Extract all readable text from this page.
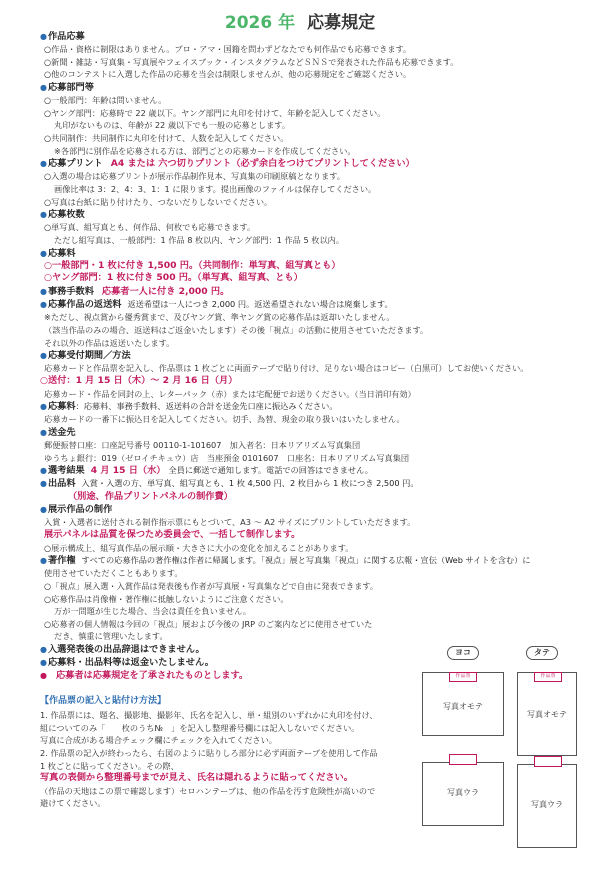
2026 年 応募規定
●作品応募
○作品・資格に制限はありません。プロ・アマ・国籍を問わずどなたでも何作品でも応募できます。
○新聞・雑誌・写真集・写真展やフェイスブック・インスタグラムなどＳＮＳで発表された作品も応募できます。
○他のコンテストに入選した作品の応募を当会は制限しませんが、他の応募規定をご確認ください。
●応募部門等
○一般部門：年齢は問いません。
○ヤング部門：応募時で 22 歳以下。ヤング部門に丸印を付けて、年齢を記入してください。
丸印がないものは、年齢が 22 歳以下でも一般の応募とします。
○共同制作：共同制作に丸印を付けて、人数を記入してください。
※各部門に別作品を応募される方は、部門ごとの応募カードを作成してください。
●応募プリント A4 または 六つ切りプリント（必ず余白をつけてプリントしてください）
○入選の場合は応募プリントが展示作品制作見本、写真集の印刷原稿となります。
画像比率は 3：2、4：3、1：1 に限ります。提出画像のファイルは保存してください。
○写真は台紙に貼り付けたり、つないだりしないでください。
●応募枚数
○単写真、組写真とも、何作品、何枚でも応募できます。
ただし組写真は、一般部門：1 作品 8 枚以内、ヤング部門：1 作品 5 枚以内。
●応募料
○一般部門・1 枚に付き 1,500 円。（共同制作：単写真、組写真とも）
○ヤング部門：1 枚に付き 500 円。（単写真、組写真、とも）
●事務手数料 応募者一人に付き 2,000 円。
●応募作品の返送料 返送希望は一人につき 2,000 円。返送希望されない場合は廃棄します。
※ただし、視点賞から優秀賞まで、及びヤング賞、準ヤング賞の応募作品は返却いたしません。
（該当作品のみの場合、返送料はご返金いたします）その後「視点」の活動に使用させていただきます。
それ以外の作品は返送いたします。
●応募受付期間／方法
応募カードと作品票を記入し、作品票は 1 枚ごとに両面テープで貼り付け、足りない場合はコピー（白黒可）してお使いください。
○送付：1 月 15 日（木）～ 2 月 16 日（月）
応募カード・作品を同封の上、レターパック（赤）または宅配便でお送りください。（当日消印有効）
●応募料：応募料、事務手数料、返送料の合計を送金先口座に振込みください。
応募カードの一番下に振込日を記入してください。切手、為替、現金の取り扱いはいたしません。
●送金先
郵便振替口座：口座記号番号 00110-1-101607　加入者名：日本リアリズム写真集団
ゆうちょ銀行：019（ゼロイチキュウ）店　当座預金 0101607　口座名：日本リアリズム写真集団
●選考結果 4 月 15 日（水） 全員に郵送で通知します。電話での回答はできません。
●出品料 入賞・入選の方、単写真、組写真とも、1 枚 4,500 円、2 枚目から 1 枚につき 2,500 円。
（別途、作品プリントパネルの制作費）
●展示作品の制作
入賞・入選者に送付される制作指示票にもとづいて、A3 ～ A2 サイズにプリントしていただきます。
展示パネルは品質を保つため委員会で、一括して制作します。
○展示構成上、組写真作品の展示順・大きさに大小の変化を加えることがあります。
●著作権 すべての応募作品の著作権は作者に帰属します。「視点」展と写真集「視点」に関する広報・宣伝（Web サイトを含む）に
使用させていただくこともあります。
○「視点」展入選・入賞作品は発表後も作者が写真展・写真集などで自由に発表できます。
○応募作品は肖像権・著作権に抵触しないようにご注意ください。
万が一問題が生じた場合、当会は責任を負いません。
○応募者の個人情報は今回の「視点」展および今後の JRP のご案内などに使用させていた
だき、慎重に管理いたします。
●入選発表後の出品辞退はできません。
●応募料・出品料等は返金いたしません。
● 応募者は応募規定を了承されたものとします。
【作品票の記入と貼付け方法】
1. 作品票には、題名、撮影地、撮影年、氏名を記入し、単・組別のいずれかに丸印を付け、
組についてのみ「　　枚のうち№　」を記入し整理番号欄には記入しないでください。
写真に合成がある場合チェック欄にチェックを入れてください。
2. 作品票の記入が終わったら、右図のように貼りしろ部分に必ず両面テープを使用して作品
1 枚ごとに貼ってください。その際、
写真の表側から整理番号までが見え、氏名は隠れるように貼ってください。
（作品の天地はこの票で確認します）セロハンテープは、他の作品を汚す危険性が高いので
避けてください。
ヨコ	タテ
作品票
写真オモテ
作品票
写真オモテ
写真ウラ
写真ウラ
